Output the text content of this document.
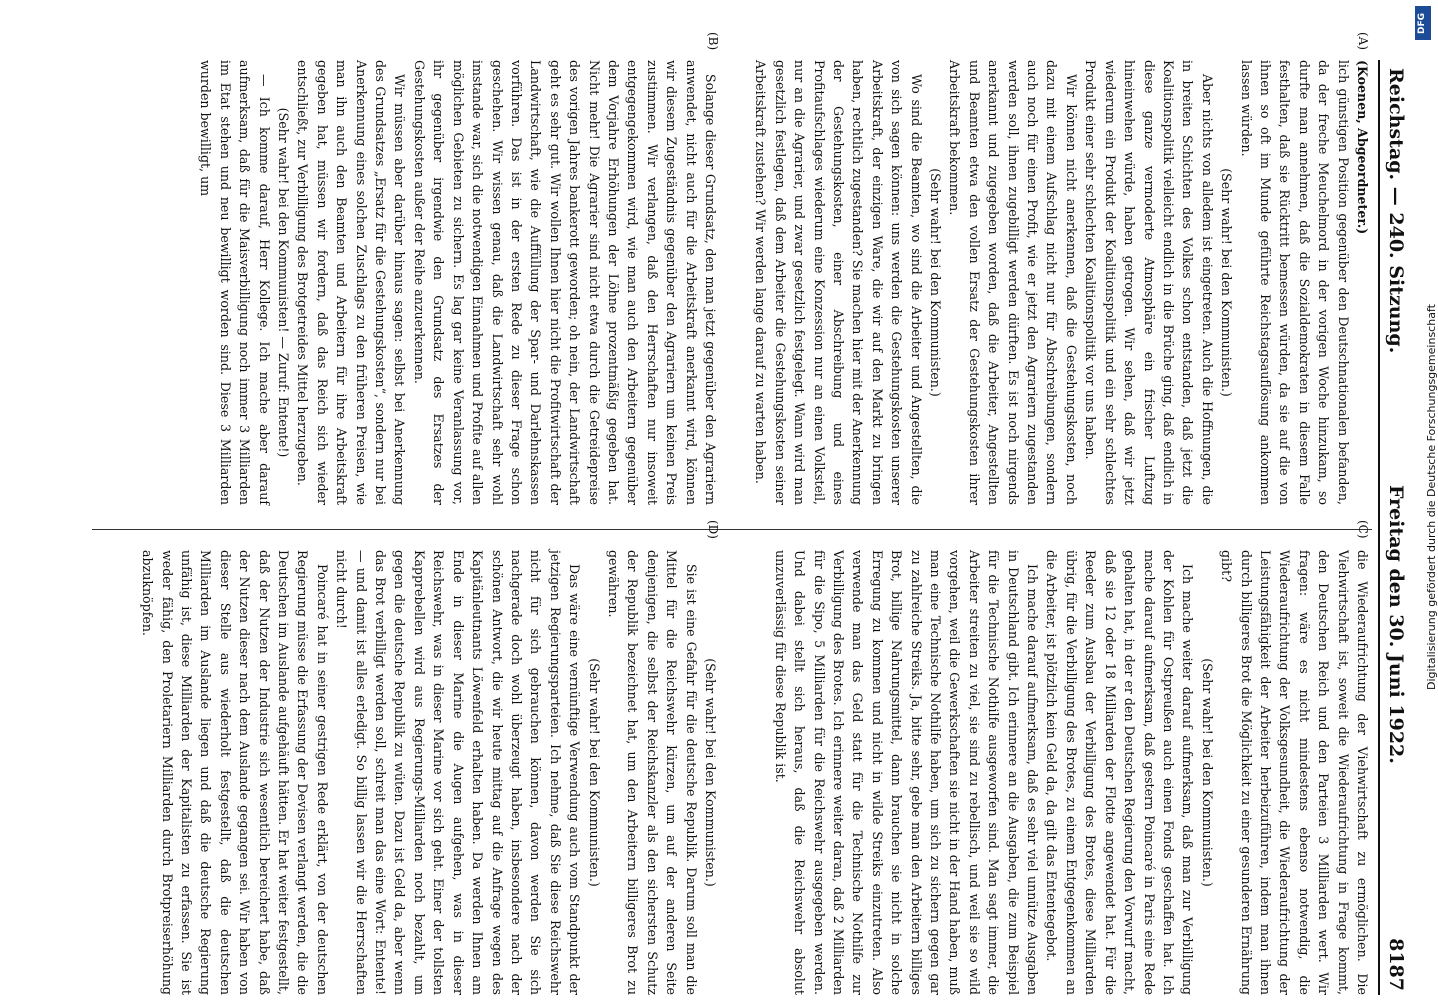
Reichstag. — 240. Sitzung.
Freitag den 30. Juni 1922.
8187

(Koenen, Abgeordneter.)

lich günstigen Position gegenüber den Deutschnationalen befanden, da der freche Meuchelmord in der vorigen Woche hinzukam, so durfte man annehmen, daß die Sozialdemokraten in diesem Falle festhalten, daß sie Rücktritt bemessen würden, da sie auf die von ihnen so oft im Munde geführte Reichstagsauflösung ankommen lassen würden.

(Sehr wahr! bei den Kommunisten.)

Aber nichts von alledem ist eingetreten. Auch die Hoffnungen, die in breiten Schichten des Volkes schon entstanden, daß jetzt die Koalitionspolitik vielleicht endlich in die Brüche ging, daß endlich in diese ganze vermoderte Atmosphäre ein frischer Luftzug hineinwehen würde, haben getrogen. Wir sehen, daß wir jetzt wiederum ein Produkt der Koalitionspolitik und ein sehr schlechtes Produkt einer sehr schlechten Koalitionspolitik vor uns haben.

Wir können nicht anerkennen, daß die Gestehungskosten, noch dazu mit einem Aufschlag nicht nur für Abschreibungen, sondern auch noch für einen Profit, wie er jetzt den Agrariern zugestanden werden soll, ihnen zugebilligt werden dürften. Es ist noch nirgends anerkannt und zugegeben worden, daß die Arbeiter, Angestellten und Beamten etwa den vollen Ersatz der Gestehungskosten ihrer Arbeitskraft bekommen.

(Sehr wahr! bei den Kommunisten.)

Wo sind die Beamten, wo sind die Arbeiter und Angestellten, die von sich sagen können: uns werden die Gestehungskosten unserer Arbeitskraft, der einzigen Ware, die wir auf den Markt zu bringen haben, rechtlich zugestanden? Sie machen hier mit der Anerkennung der Gestehungskosten, einer Abschreibung und eines Profitaufschlages wiederum eine Konzession nur an einen Volksteil, nur an die Agrarier, und zwar gesetzlich festgelegt. Wann wird man gesetzlich festlegen, daß dem Arbeiter die Gestehungskosten seiner Arbeitskraft zustehen? Wir werden lange darauf zu warten haben.

Solange dieser Grundsatz, den man jetzt gegenüber den Agrariern anwendet, nicht auch für die Arbeitskraft anerkannt wird, können wir diesem Zugeständnis gegenüber den Agrariern um keinen Preis zustimmen. Wir verlangen, daß den Herrschaften nur insoweit entgegengekommen wird, wie man auch den Arbeitern gegenüber dem Vorjahre Erhöhungen der Löhne prozentmäßig gegeben hat. Nicht mehr! Die Agrarier sind nicht etwa durch die Getreidepreise des vorigen Jahres bankerott geworden; oh nein, der Landwirtschaft geht es sehr gut. Wir wollen Ihnen hier nicht die Profitwirtschaft der Landwirtschaft, wie die Auffüllung der Spar- und Darlehnskassen vorführen. Das ist in der ersten Rede zu dieser Frage schon geschehen. Wir wissen genau, daß die Landwirtschaft sehr wohl imstande war, sich die notwendigen Einnahmen und Profite auf allen möglichen Gebieten zu sichern. Es lag gar keine Veranlassung vor, ihr gegenüber irgendwie den Grundsatz des Ersatzes der Gestehungskosten außer der Reihe anzuerkennen.

Wir müssen aber darüber hinaus sagen: selbst bei Anerkennung des Grundsatzes „Ersatz für die Gestehungskosten“, sondern nur bei Anerkennung eines solchen Zuschlags zu den früheren Preisen, wie man ihn auch den Beamten und Arbeitern für ihre Arbeitskraft gegeben hat, müssen wir fordern, daß das Reich sich wieder entschließt, zur Verbilligung des Brotgetreides Mittel herzugeben.

(Sehr wahr! bei den Kommunisten! — Zuruf: Entente!)

— Ich komme darauf, Herr Kollege. Ich mache aber darauf aufmerksam, daß für die Maisverbilligung noch immer 3 Milliarden im Etat stehen und neu bewilligt worden sind. Diese 3 Milliarden wurden bewilligt, um

die Wiederaufrichtung der Viehwirtschaft zu ermöglichen. Die Viehwirtschaft ist, soweit die Wiederaufrichtung in Frage kommt, den Deutschen Reich und den Parteien 3 Milliarden wert. Wir fragen: wäre es nicht mindestens ebenso notwendig, die Wiederaufrichtung der Volksgesundheit, die Wiederaufrichtung der Leistungsfähigkeit der Arbeiter herbeizuführen, indem man ihnen durch billigeres Brot die Möglichkeit zu einer gesunderen Ernährung gibt?

(Sehr wahr! bei den Kommunisten.)

Ich mache weiter darauf aufmerksam, daß man zur Verbilligung der Kohlen für Ostpreußen auch einen Fonds geschaffen hat. Ich mache darauf aufmerksam, daß gestern Poincaré in Paris eine Rede gehalten hat, in der er den Deutschen Regierung den Vorwurf macht, daß sie 12 oder 18 Milliarden der Flotte angewendet hat. Für die Reeder zum Ausbau der Verbilligung des Brotes, diese Milliarden übrig, für die Verbilligung des Brotes, zu einem Entgegenkommen an die Arbeiter, ist plötzlich kein Geld da, da gilt das Ententegebot.

Ich mache darauf aufmerksam, daß es sehr viel unnütze Ausgaben in Deutschland gibt. Ich erinnere an die Ausgaben, die zum Beispiel für die Technische Nothilfe ausgeworfen sind. Man sagt immer, die Arbeiter streiten zu viel, sie sind zu rebellisch, und weil sie so wild vorgehen, weil die Gewerkschaften sie nicht in der Hand haben, muß man eine Technische Nothilfe haben, um sich zu sichern gegen gar zu zahlreiche Streiks. Ja, bitte sehr, gebe man den Arbeitern billiges Brot, billige Nahrungsmittel, dann brauchen sie nicht in solche Erregung zu kommen und nicht in wilde Streiks einzutreten. Also verwende man das Geld statt für die Technische Nothilfe zur Verbilligung des Brotes. Ich erinnere weiter daran, daß 2 Milliarden für die Sipo, 5 Milliarden für die Reichswehr ausgegeben werden. Und dabei stellt sich heraus, daß die Reichswehr absolut unzuverlässig für diese Republik ist.

(Sehr wahr! bei den Kommunisten.)

Sie ist eine Gefahr für die deutsche Republik. Darum soll man die Mittel für die Reichswehr kürzen, um auf der anderen Seite denjenigen, die selbst der Reichskanzler als den sichersten Schutz der Republik bezeichnet hat, um den Arbeitern billigeres Brot zu gewähren.

(Sehr wahr! bei den Kommunisten.)

Das wäre eine vernünftige Verwendung auch vom Standpunkt der jetzigen Regierungsparteien. Ich nehme, daß Sie diese Reichswehr nicht für sich gebrauchen können, davon werden Sie sich nachgerade doch wohl überzeugt haben, insbesondere nach der schönen Antwort, die wir heute mittag auf die Anfrage wegen des Kapitänleutnants Löwenfeld erhalten haben. Da werden Ihnen am Ende in dieser Marine die Augen aufgehen, was in dieser Reichswehr, was in dieser Marine vor sich geht. Einer der tollsten Kapprebellen wird aus Regierungs-Milliarden noch bezahlt, um gegen die deutsche Republik zu wüten. Dazu ist Geld da, aber wenn das Brot verbilligt werden soll, schreit man das eine Wort: Entente! — und damit ist alles erledigt. So billig lassen wir die Herrschaften nicht durch!

Poincaré hat in seiner gestrigen Rede erklärt, von der deutschen Regierung müsse die Erfassung der Devisen verlangt werden, die die Deutschen im Auslande aufgehäuft hätten. Er hat weiter festgestellt, daß der Nutzen der Industrie sich wesentlich bereichert habe, daß der Nutzen dieser nach dem Auslande gegangen sei. Wir haben von dieser Stelle aus wiederholt festgestellt, daß die deutschen Milliarden im Auslande liegen und daß die deutsche Regierung unfähig ist, diese Milliarden der Kapitalisten zu erfassen. Sie ist weder fähig, den Proletariern Milliarden durch Brotpreiserhöhung abzuknöpfen.

(A)
(B)
(C)
(D)
DFG
Digitalisierung gefördert durch die Deutsche Forschungsgemeinschaft
